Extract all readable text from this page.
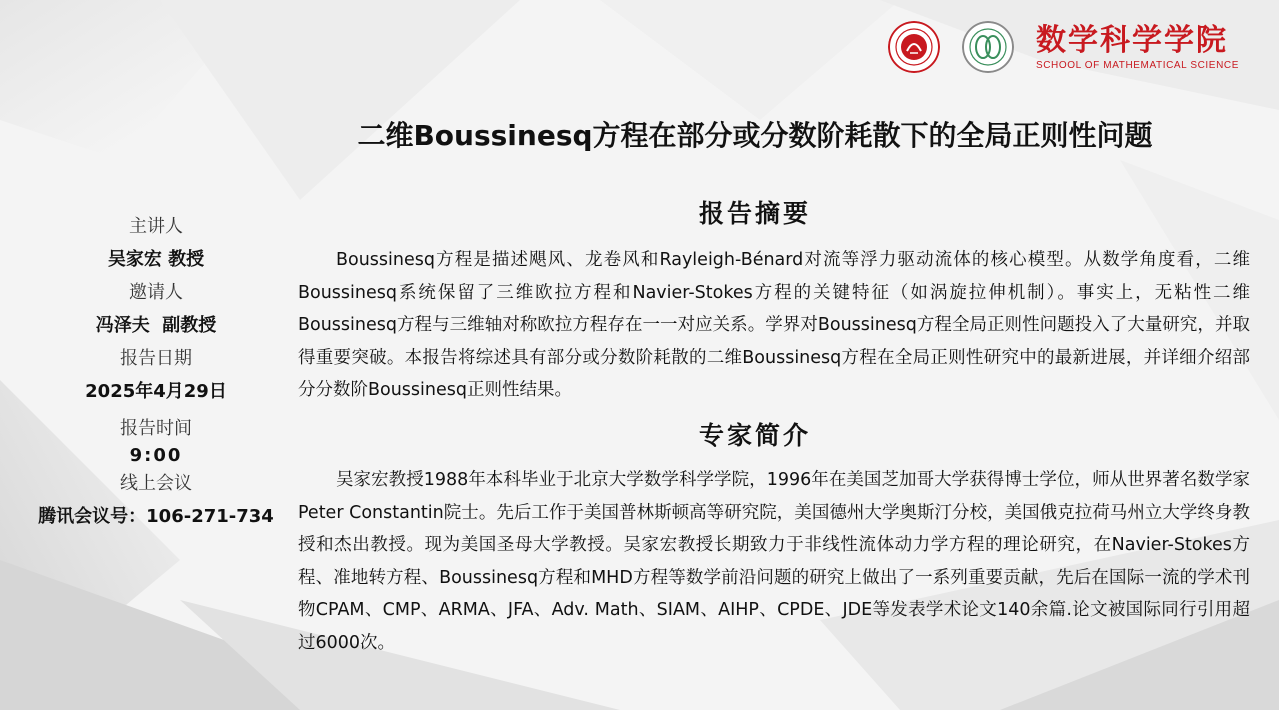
数学科学学院
SCHOOL OF MATHEMATICAL SCIENCE
二维Boussinesq方程在部分或分数阶耗散下的全局正则性问题
主讲人
吴家宏 教授
邀请人
冯泽夫  副教授
报告日期
2025年4月29日
报告时间
9:00
线上会议
腾讯会议号：106-271-734
报告摘要
Boussinesq方程是描述飓风、龙卷风和Rayleigh-Bénard对流等浮力驱动流体的核心模型。从数学角度看，二维Boussinesq系统保留了三维欧拉方程和Navier-Stokes方程的关键特征（如涡旋拉伸机制）。事实上，无粘性二维Boussinesq方程与三维轴对称欧拉方程存在一一对应关系。学界对Boussinesq方程全局正则性问题投入了大量研究，并取得重要突破。本报告将综述具有部分或分数阶耗散的二维Boussinesq方程在全局正则性研究中的最新进展，并详细介绍部分分数阶Boussinesq正则性结果。
专家简介
吴家宏教授1988年本科毕业于北京大学数学科学学院，1996年在美国芝加哥大学获得博士学位，师从世界著名数学家Peter Constantin院士。先后工作于美国普林斯顿高等研究院，美国德州大学奥斯汀分校，美国俄克拉荷马州立大学终身教授和杰出教授。现为美国圣母大学教授。吴家宏教授长期致力于非线性流体动力学方程的理论研究，在Navier-Stokes方程、准地转方程、Boussinesq方程和MHD方程等数学前沿问题的研究上做出了一系列重要贡献，先后在国际一流的学术刊物CPAM、CMP、ARMA、JFA、Adv. Math、SIAM、AIHP、CPDE、JDE等发表学术论文140余篇.论文被国际同行引用超过6000次。
